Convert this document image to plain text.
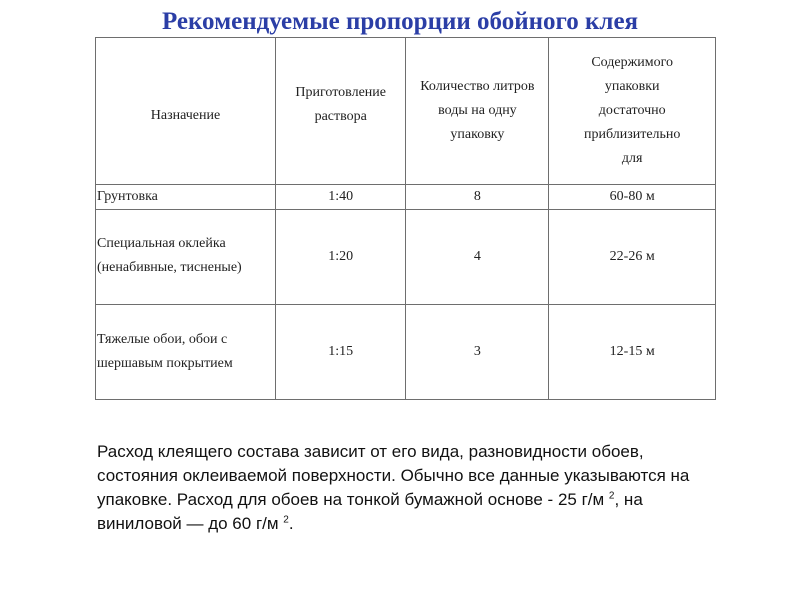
Рекомендуемые пропорции обойного клея
Назначение	Приготовление раствора	Количество литров воды на одну упаковку	Содержимого упаковки достаточно приблизительно для
Грунтовка	1:40	8	60-80 м
Специальная оклейка (ненабивные, тисненые)	1:20	4	22-26 м
Тяжелые обои, обои с шершавым покрытием	1:15	3	12-15 м
Расход клеящего состава зависит от его вида, разновидности обоев, состояния оклеиваемой поверхности. Обычно все данные указываются на упаковке. Расход для обоев на тонкой бумажной основе - 25 г/м $^2$, на виниловой — до 60 г/м $^2$.
